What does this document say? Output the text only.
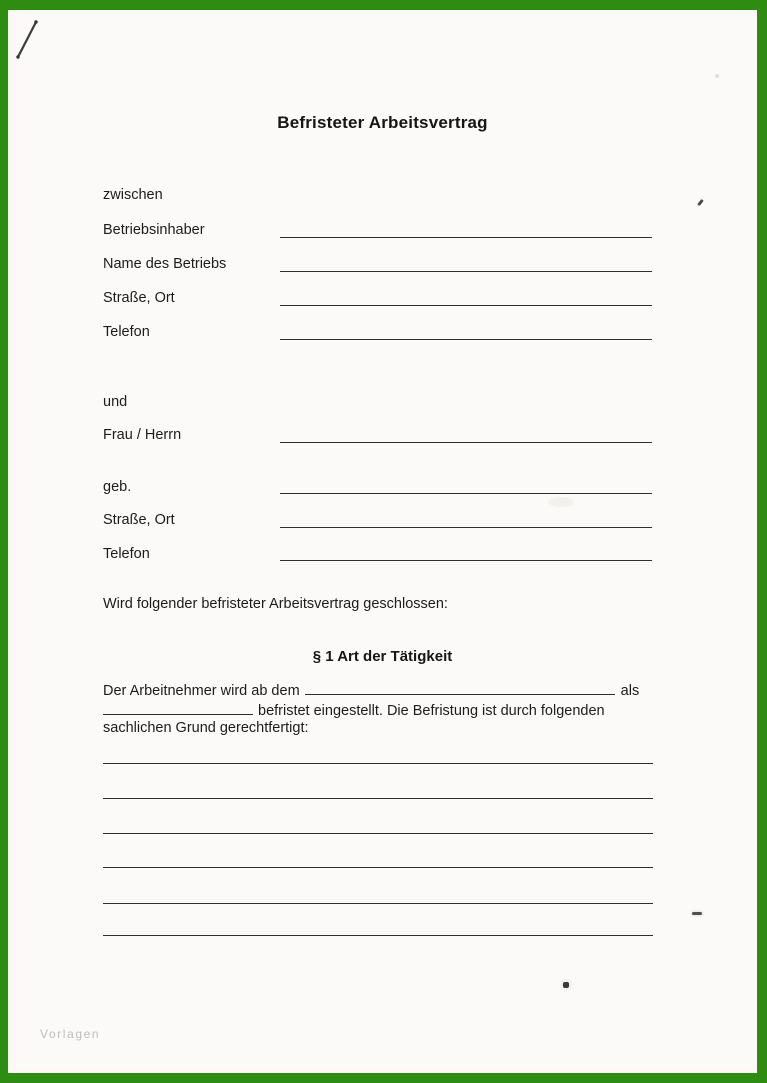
Befristeter Arbeitsvertrag
zwischen
Betriebsinhaber
Name des Betriebs
Straße, Ort
Telefon
und
Frau / Herrn
geb.
Straße, Ort
Telefon
Wird folgender befristeter Arbeitsvertrag geschlossen:
§ 1 Art der Tätigkeit
Der Arbeitnehmer wird ab dem	als
befristet eingestellt. Die Befristung ist durch folgenden
sachlichen Grund gerechtfertigt:
Vorlagen
